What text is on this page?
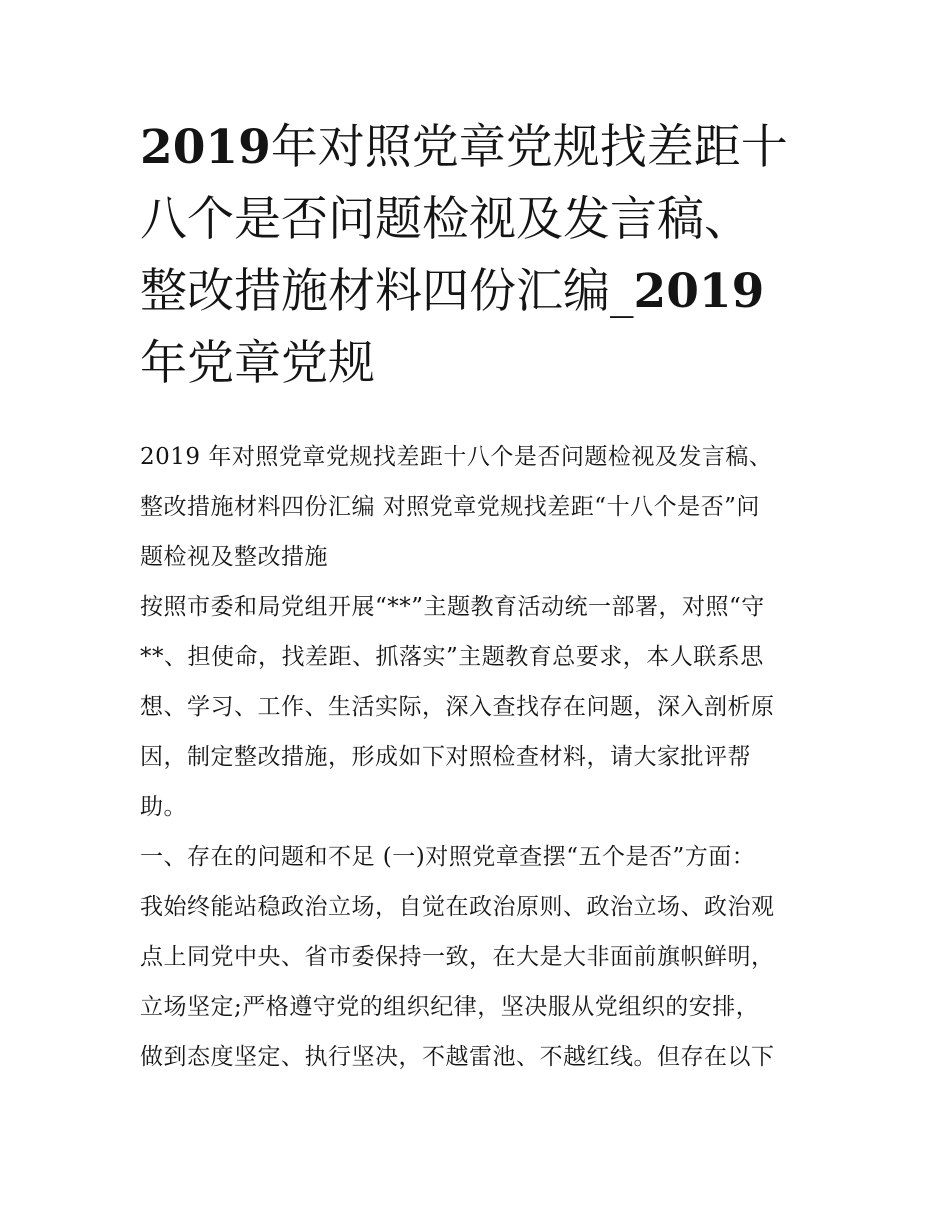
2019年对照党章党规找差距十
八个是否问题检视及发言稿、
整改措施材料四份汇编_2019
年党章党规
2019 年对照党章党规找差距十八个是否问题检视及发言稿、
整改措施材料四份汇编 对照党章党规找差距“十八个是否”问
题检视及整改措施
按照市委和局党组开展“**”主题教育活动统一部署，对照“守
**、担使命，找差距、抓落实”主题教育总要求，本人联系思
想、学习、工作、生活实际，深入查找存在问题，深入剖析原
因，制定整改措施，形成如下对照检查材料，请大家批评帮
助。
一、存在的问题和不足 (一)对照党章查摆“五个是否”方面：
我始终能站稳政治立场，自觉在政治原则、政治立场、政治观
点上同党中央、省市委保持一致，在大是大非面前旗帜鲜明，
立场坚定;严格遵守党的组织纪律，坚决服从党组织的安排，
做到态度坚定、执行坚决，不越雷池、不越红线。但存在以下
